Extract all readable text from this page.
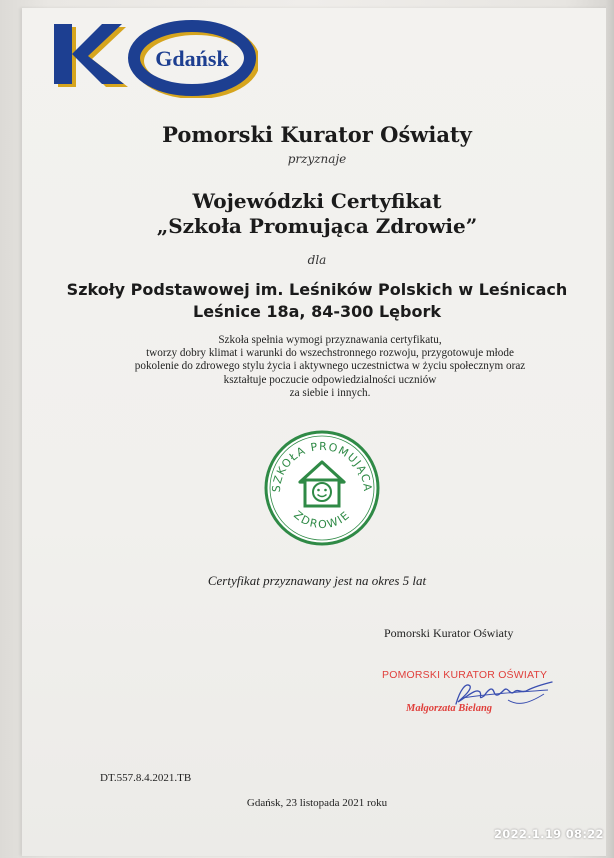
Gdańsk
Pomorski Kurator Oświaty
przyznaje
Wojewódzki Certyfikat
„Szkoła Promująca Zdrowie”
dla
Szkoły Podstawowej im. Leśników Polskich w Leśnicach
Leśnice 18a, 84-300 Lębork
Szkoła spełnia wymogi przyznawania certyfikatu,
tworzy dobry klimat i warunki do wszechstronnego rozwoju, przygotowuje młode
pokolenie do zdrowego stylu życia i aktywnego uczestnictwa w życiu społecznym oraz
kształtuje poczucie odpowiedzialności uczniów
za siebie i innych.
SZKOŁA PROMUJĄCA
ZDROWIE
Certyfikat przyznawany jest na okres 5 lat
Pomorski Kurator Oświaty
POMORSKI KURATOR OŚWIATY
Małgorzata Bielang
DT.557.8.4.2021.TB
Gdańsk, 23 listopada 2021 roku
2022.1.19 08:22
